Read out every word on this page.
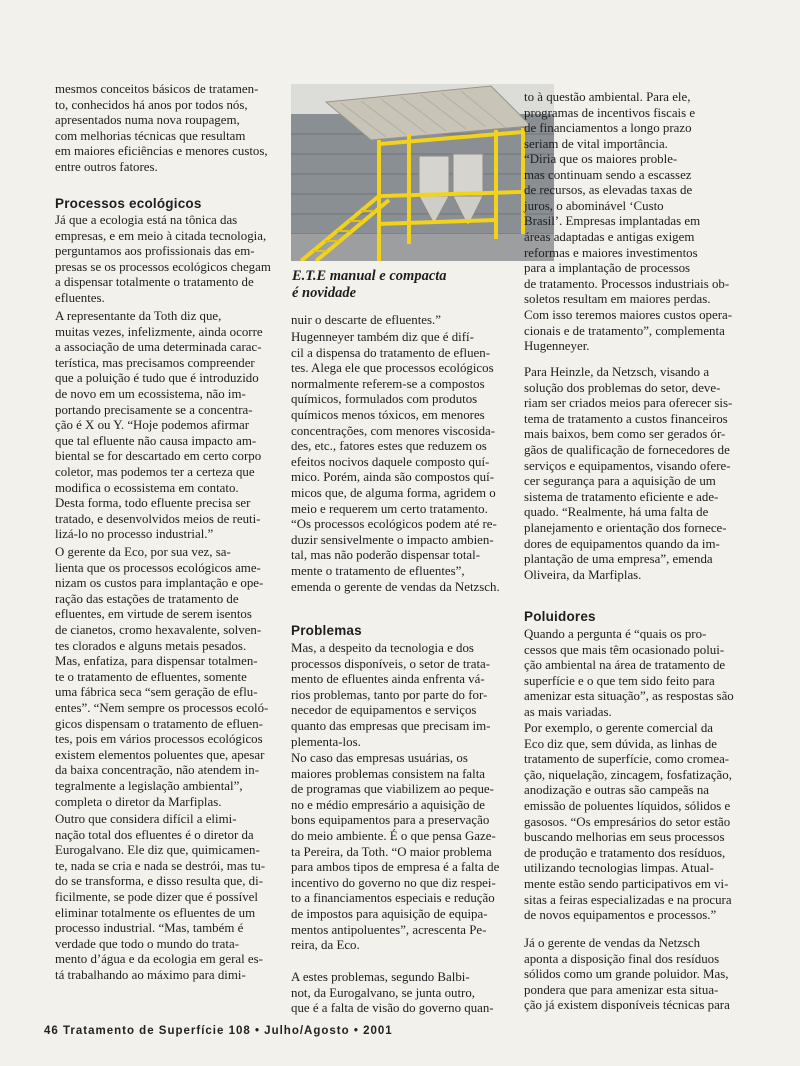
mesmos conceitos básicos de tratamen-
to, conhecidos há anos por todos nós,
apresentados numa nova roupagem,
com melhorias técnicas que resultam
em maiores eficiências e menores custos,
entre outros fatores.

Processos ecológicos

Já que a ecologia está na tônica das
empresas, e em meio à citada tecnologia,
perguntamos aos profissionais das em-
presas se os processos ecológicos chegam
a dispensar totalmente o tratamento de
efluentes.

A representante da Toth diz que,
muitas vezes, infelizmente, ainda ocorre
a associação de uma determinada carac-
terística, mas precisamos compreender
que a poluição é tudo que é introduzido
de novo em um ecossistema, não im-
portando precisamente se a concentra-
ção é X ou Y. “Hoje podemos afirmar
que tal efluente não causa impacto am-
biental se for descartado em certo corpo
coletor, mas podemos ter a certeza que
modifica o ecossistema em contato.
Desta forma, todo efluente precisa ser
tratado, e desenvolvidos meios de reuti-
lizá-lo no processo industrial.”

O gerente da Eco, por sua vez, sa-
lienta que os processos ecológicos ame-
nizam os custos para implantação e ope-
ração das estações de tratamento de
efluentes, em virtude de serem isentos
de cianetos, cromo hexavalente, solven-
tes clorados e alguns metais pesados.
Mas, enfatiza, para dispensar totalmen-
te o tratamento de efluentes, somente
uma fábrica seca “sem geração de eflu-
entes”. “Nem sempre os processos ecoló-
gicos dispensam o tratamento de efluen-
tes, pois em vários processos ecológicos
existem elementos poluentes que, apesar
da baixa concentração, não atendem in-
tegralmente a legislação ambiental”,
completa o diretor da Marfiplas.

Outro que considera difícil a elimi-
nação total dos efluentes é o diretor da
Eurogalvano. Ele diz que, quimicamen-
te, nada se cria e nada se destrói, mas tu-
do se transforma, e disso resulta que, di-
ficilmente, se pode dizer que é possível
eliminar totalmente os efluentes de um
processo industrial. “Mas, também é
verdade que todo o mundo do trata-
mento d’água e da ecologia em geral es-
tá trabalhando ao máximo para dimi-

E.T.E manual e compacta
é novidade

nuir o descarte de efluentes.”

Hugenneyer também diz que é difí-
cil a dispensa do tratamento de efluen-
tes. Alega ele que processos ecológicos
normalmente referem-se a compostos
químicos, formulados com produtos
químicos menos tóxicos, em menores
concentrações, com menores viscosida-
des, etc., fatores estes que reduzem os
efeitos nocivos daquele composto quí-
mico. Porém, ainda são compostos quí-
micos que, de alguma forma, agridem o
meio e requerem um certo tratamento.
“Os processos ecológicos podem até re-
duzir sensivelmente o impacto ambien-
tal, mas não poderão dispensar total-
mente o tratamento de efluentes”,
emenda o gerente de vendas da Netzsch.

Problemas

Mas, a despeito da tecnologia e dos
processos disponíveis, o setor de trata-
mento de efluentes ainda enfrenta vá-
rios problemas, tanto por parte do for-
necedor de equipamentos e serviços
quanto das empresas que precisam im-
plementa-los.

No caso das empresas usuárias, os
maiores problemas consistem na falta
de programas que viabilizem ao peque-
no e médio empresário a aquisição de
bons equipamentos para a preservação
do meio ambiente. É o que pensa Gaze-
ta Pereira, da Toth. “O maior problema
para ambos tipos de empresa é a falta de
incentivo do governo no que diz respei-
to a financiamentos especiais e redução
de impostos para aquisição de equipa-
mentos antipoluentes”, acrescenta Pe-
reira, da Eco.

A estes problemas, segundo Balbi-
not, da Eurogalvano, se junta outro,
que é a falta de visão do governo quan-

to à questão ambiental. Para ele,
programas de incentivos fiscais e
de financiamentos a longo prazo
seriam de vital importância.

“Diria que os maiores proble-
mas continuam sendo a escassez
de recursos, as elevadas taxas de
juros, o abominável ‘Custo
Brasil’. Empresas implantadas em
áreas adaptadas e antigas exigem
reformas e maiores investimentos
para a implantação de processos
de tratamento. Processos industriais ob-
soletos resultam em maiores perdas.
Com isso teremos maiores custos opera-
cionais e de tratamento”, complementa
Hugenneyer.

Para Heinzle, da Netzsch, visando a
solução dos problemas do setor, deve-
riam ser criados meios para oferecer sis-
tema de tratamento a custos financeiros
mais baixos, bem como ser gerados ór-
gãos de qualificação de fornecedores de
serviços e equipamentos, visando ofere-
cer segurança para a aquisição de um
sistema de tratamento eficiente e ade-
quado. “Realmente, há uma falta de
planejamento e orientação dos fornece-
dores de equipamentos quando da im-
plantação de uma empresa”, emenda
Oliveira, da Marfiplas.

Poluidores

Quando a pergunta é “quais os pro-
cessos que mais têm ocasionado polui-
ção ambiental na área de tratamento de
superfície e o que tem sido feito para
amenizar esta situação”, as respostas são
as mais variadas.

Por exemplo, o gerente comercial da
Eco diz que, sem dúvida, as linhas de
tratamento de superfície, como cromea-
ção, niquelação, zincagem, fosfatização,
anodização e outras são campeãs na
emissão de poluentes líquidos, sólidos e
gasosos. “Os empresários do setor estão
buscando melhorias em seus processos
de produção e tratamento dos resíduos,
utilizando tecnologias limpas. Atual-
mente estão sendo participativos em vi-
sitas a feiras especializadas e na procura
de novos equipamentos e processos.”

Já o gerente de vendas da Netzsch
aponta a disposição final dos resíduos
sólidos como um grande poluidor. Mas,
pondera que para amenizar esta situa-
ção já existem disponíveis técnicas para

46 Tratamento de Superfície 108 • Julho/Agosto • 2001
